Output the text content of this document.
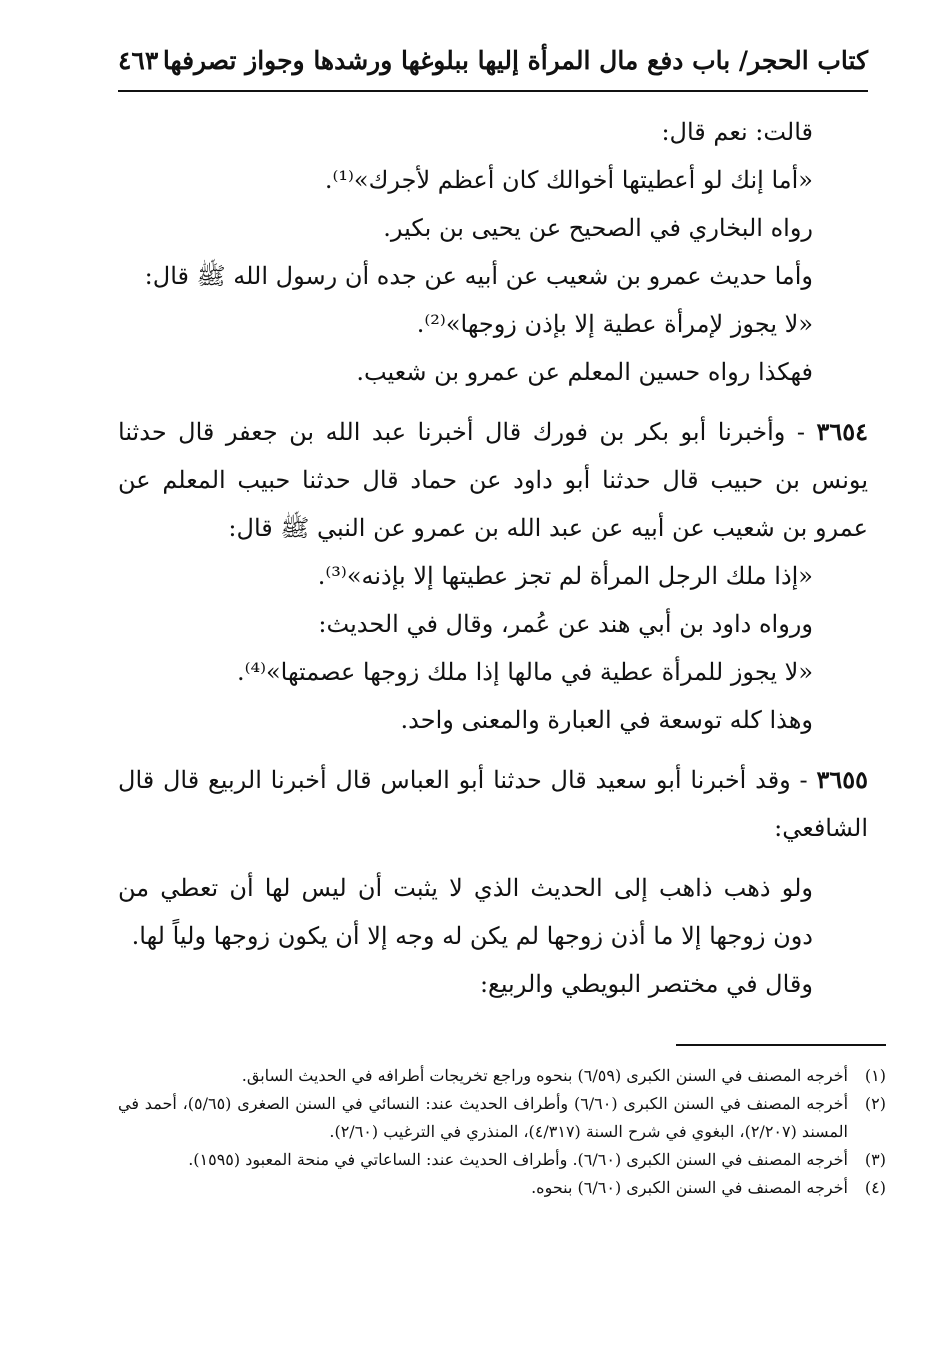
كتاب الحجر/ باب دفع مال المرأة إليها ببلوغها ورشدها وجواز تصرفها
٤٦٣

قالت: نعم قال:

«أما إنك لو أعطيتها أخوالك كان أعظم لأجرك»⁽¹⁾.

رواه البخاري في الصحيح عن يحيى بن بكير.

وأما حديث عمرو بن شعيب عن أبيه عن جده أن رسول الله ﷺ قال:

«لا يجوز لإمرأة عطية إلا بإذن زوجها»⁽²⁾.

فهكذا رواه حسين المعلم عن عمرو بن شعيب.

٣٦٥٤ - وأخبرنا أبو بكر بن فورك قال أخبرنا عبد الله بن جعفر قال حدثنا يونس بن حبيب قال حدثنا أبو داود عن حماد قال حدثنا حبيب المعلم عن عمرو بن شعيب عن أبيه عن عبد الله بن عمرو عن النبي ﷺ قال:

«إذا ملك الرجل المرأة لم تجز عطيتها إلا بإذنه»⁽³⁾.

ورواه داود بن أبي هند عن عُمر، وقال في الحديث:

«لا يجوز للمرأة عطية في مالها إذا ملك زوجها عصمتها»⁽⁴⁾.

وهذا كله توسعة في العبارة والمعنى واحد.

٣٦٥٥ - وقد أخبرنا أبو سعيد قال حدثنا أبو العباس قال أخبرنا الربيع قال قال الشافعي:

ولو ذهب ذاهب إلى الحديث الذي لا يثبت أن ليس لها أن تعطي من دون زوجها إلا ما أذن زوجها لم يكن له وجه إلا أن يكون زوجها ولياً لها.

وقال في مختصر البويطي والربيع:

(١)
أخرجه المصنف في السنن الكبرى (٦/٥٩) بنحوه وراجع تخريجات أطرافه في الحديث السابق.
(٢)
أخرجه المصنف في السنن الكبرى (٦/٦٠) وأطراف الحديث عند: النسائي في السنن الصغرى (٥/٦٥)، أحمد في المسند (٢/٢٠٧)، البغوي في شرح السنة (٤/٣١٧)، المنذري في الترغيب (٢/٦٠).
(٣)
أخرجه المصنف في السنن الكبرى (٦/٦٠). وأطراف الحديث عند: الساعاتي في منحة المعبود (١٥٩٥).
(٤)
أخرجه المصنف في السنن الكبرى (٦/٦٠) بنحوه.
